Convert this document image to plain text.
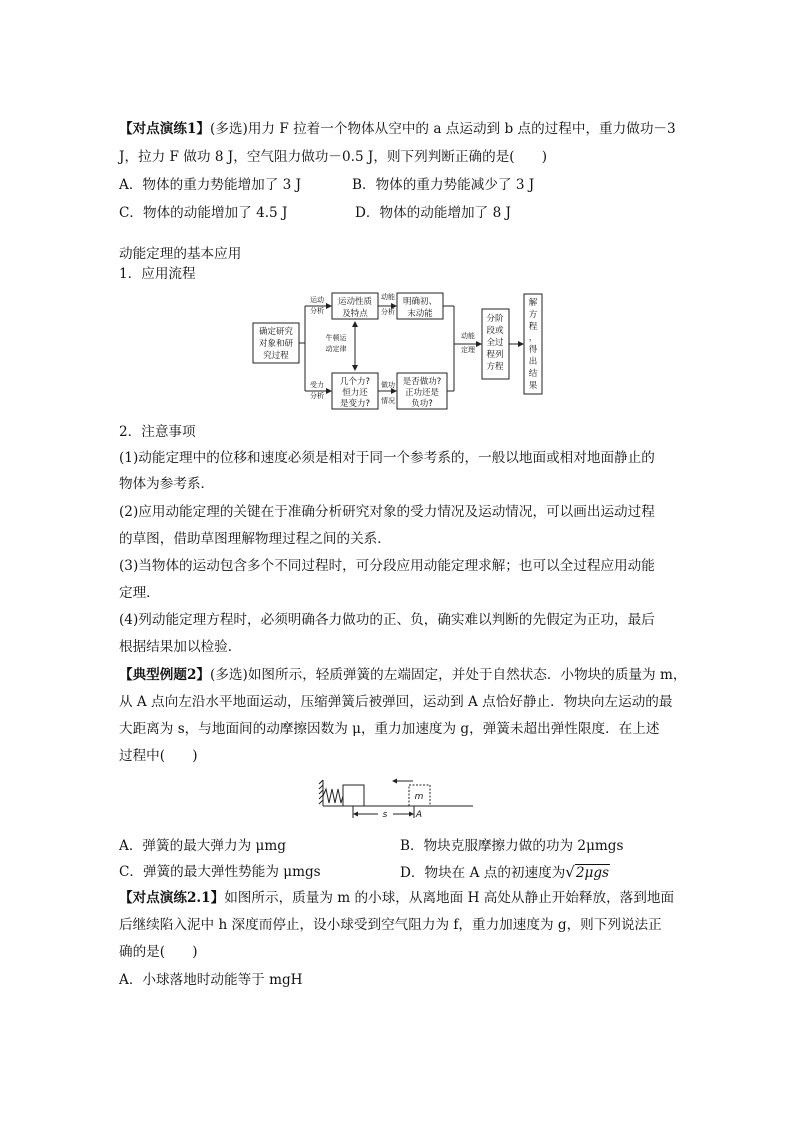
【对点演练1】(多选)用力 F 拉着一个物体从空中的 a 点运动到 b 点的过程中，重力做功－3
J，拉力 F 做功 8 J，空气阻力做功－0.5 J，则下列判断正确的是(　　)
A．物体的重力势能增加了 3 J	B．物体的重力势能减少了 3 J
C．物体的动能增加了 4.5 J	D．物体的动能增加了 8 J
动能定理的基本应用
1．应用流程
确定研究
对象和研
究过程
运动性质
及特点
几个力?
恒力还
是变力?
明确初、
末动能
是否做功?
正功还是
负功?
分阶
段或
全过
程列
方程
解
方
程
，
得
出
结
果
运动
分析
受力
分析
牛顿运
动定律
动能
做功
情况
动能
定理
分析
2．注意事项
(1)动能定理中的位移和速度必须是相对于同一个参考系的，一般以地面或相对地面静止的
物体为参考系．
(2)应用动能定理的关键在于准确分析研究对象的受力情况及运动情况，可以画出运动过程
的草图，借助草图理解物理过程之间的关系．
(3)当物体的运动包含多个不同过程时，可分段应用动能定理求解；也可以全过程应用动能
定理．
(4)列动能定理方程时，必须明确各力做功的正、负，确实难以判断的先假定为正功，最后
根据结果加以检验．
【典型例题2】(多选)如图所示，轻质弹簧的左端固定，并处于自然状态．小物块的质量为 m，
从 A 点向左沿水平地面运动，压缩弹簧后被弹回，运动到 A 点恰好静止．物块向左运动的最
大距离为 s，与地面间的动摩擦因数为 μ，重力加速度为 g，弹簧未超出弹性限度．在上述
过程中(　　)
m
s	A
A．弹簧的最大弹力为 μmg	B．物块克服摩擦力做的功为 2μmgs
C．弹簧的最大弹性势能为 μmgs	D．物块在 A 点的初速度为√2μgs
【对点演练2.1】如图所示，质量为 m 的小球，从离地面 H 高处从静止开始释放，落到地面
后继续陷入泥中 h 深度而停止，设小球受到空气阻力为 f，重力加速度为 g，则下列说法正
确的是(　　)
A．小球落地时动能等于 mgH
